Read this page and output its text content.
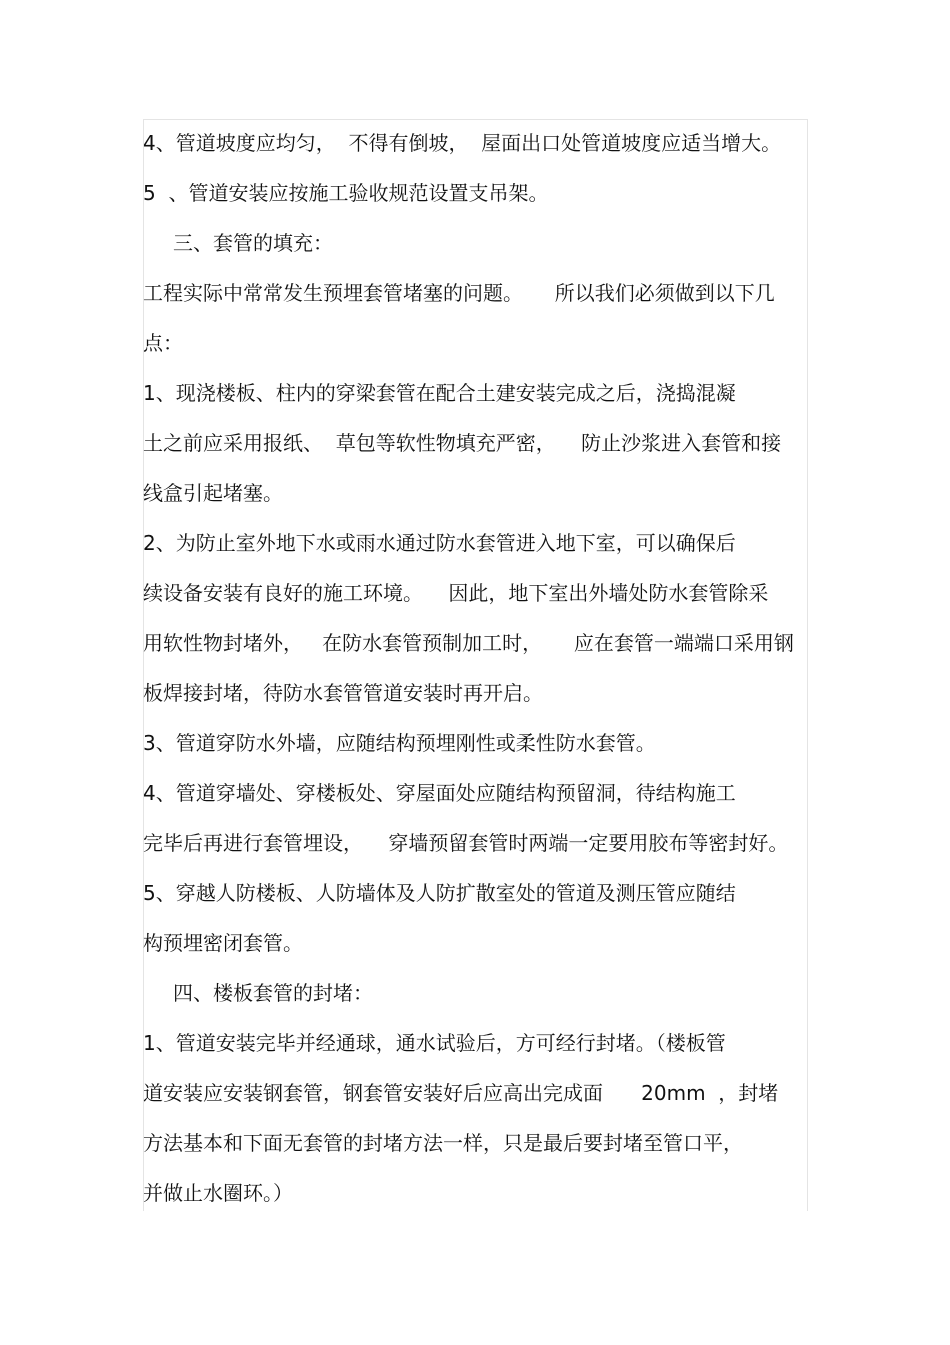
4、管道坡度应均匀，  不得有倒坡，  屋面出口处管道坡度应适当增大。
5  、管道安装应按施工验收规范设置支吊架。
三、套管的填充：
工程实际中常常发生预埋套管堵塞的问题。     所以我们必须做到以下几
点：
1、现浇楼板、柱内的穿梁套管在配合土建安装完成之后，浇捣混凝
土之前应采用报纸、  草包等软性物填充严密，    防止沙浆进入套管和接
线盒引起堵塞。
2、为防止室外地下水或雨水通过防水套管进入地下室，可以确保后
续设备安装有良好的施工环境。    因此，地下室出外墙处防水套管除采
用软性物封堵外，   在防水套管预制加工时，     应在套管一端端口采用钢
板焊接封堵，待防水套管管道安装时再开启。
3、管道穿防水外墙，应随结构预埋刚性或柔性防水套管。
4、管道穿墙处、穿楼板处、穿屋面处应随结构预留洞，待结构施工
完毕后再进行套管埋设，    穿墙预留套管时两端一定要用胶布等密封好。
5、穿越人防楼板、人防墙体及人防扩散室处的管道及测压管应随结
构预埋密闭套管。
四、楼板套管的封堵：
1、管道安装完毕并经通球，通水试验后，方可经行封堵。（楼板管
道安装应安装钢套管，钢套管安装好后应高出完成面      20mm  ，封堵
方法基本和下面无套管的封堵方法一样，只是最后要封堵至管口平，
并做止水圈环。）
